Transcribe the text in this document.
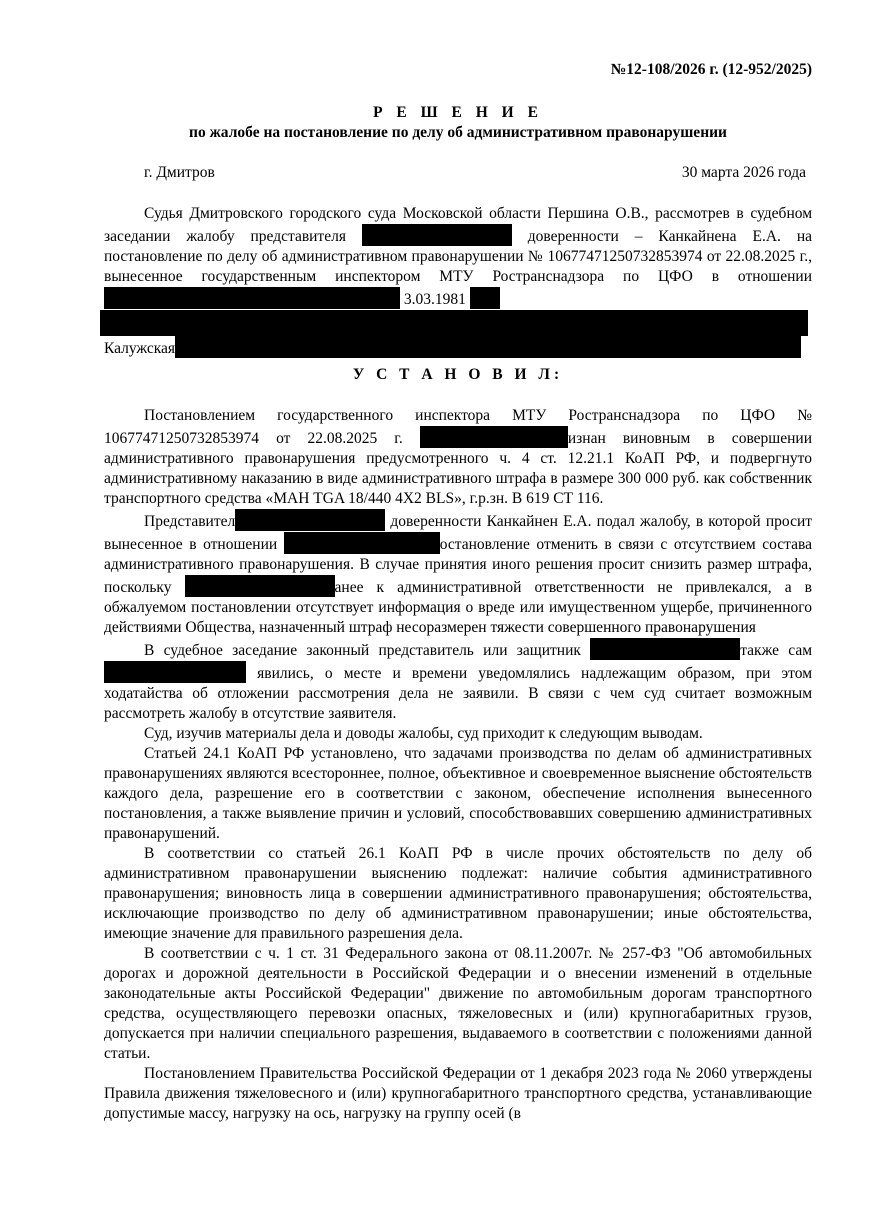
№12-108/2026 г. (12-952/2025)
Р Е Ш Е Н И Е
по жалобе на постановление по делу об административном правонарушении
г. Дмитров	30 марта 2026 года

Судья Дмитровского городского суда Московской области Першина О.В., рассмотрев в судебном заседании жалобу представителя	доверенности – Канкайнена Е.А. на постановление по делу об административном правонарушении № 10677471250732853974 от 22.08.2025 г., вынесенное государственным инспектором МТУ Ространснадзора по ЦФО в отношении  3.03.1981

Калужская
У С Т А Н О В И Л:

Постановлением государственного инспектора МТУ Ространснадзора по ЦФО № 10677471250732853974 от 22.08.2025 г.	изнан виновным в совершении административного правонарушения предусмотренного ч. 4 ст. 12.21.1 КоАП РФ, и подвергнуто административному наказанию в виде административного штрафа в размере 300 000 руб. как собственник транспортного средства «МАН TGA 18/440 4X2 BLS», г.р.зн. В 619 СТ 116.

Представител	доверенности Канкайнен Е.А. подал жалобу, в которой просит вынесенное в отношении	остановление отменить в связи с отсутствием состава административного правонарушения. В случае принятия иного решения просит снизить размер штрафа, поскольку	анее к административной ответственности не привлекался, а в обжалуемом постановлении отсутствует информация о вреде или имущественном ущербе, причиненного действиями Общества, назначенный штраф несоразмерен тяжести совершенного правонарушения

В судебное заседание законный представитель или защитник	также сам явились, о месте и времени уведомлялись надлежащим образом, при этом ходатайства об отложении рассмотрения дела не заявили. В связи с чем суд считает возможным рассмотреть жалобу в отсутствие заявителя.

Суд, изучив материалы дела и доводы жалобы, суд приходит к следующим выводам.

Статьей 24.1 КоАП РФ установлено, что задачами производства по делам об административных правонарушениях являются всестороннее, полное, объективное и своевременное выяснение обстоятельств каждого дела, разрешение его в соответствии с законом, обеспечение исполнения вынесенного постановления, а также выявление причин и условий, способствовавших совершению административных правонарушений.

В соответствии со статьей 26.1 КоАП РФ в числе прочих обстоятельств по делу об административном правонарушении выяснению подлежат: наличие события административного правонарушения; виновность лица в совершении административного правонарушения; обстоятельства, исключающие производство по делу об административном правонарушении; иные обстоятельства, имеющие значение для правильного разрешения дела.

В соответствии с ч. 1 ст. 31 Федерального закона от 08.11.2007г. № 257-ФЗ "Об автомобильных дорогах и дорожной деятельности в Российской Федерации и о внесении изменений в отдельные законодательные акты Российской Федерации" движение по автомобильным дорогам транспортного средства, осуществляющего перевозки опасных, тяжеловесных и (или) крупногабаритных грузов, допускается при наличии специального разрешения, выдаваемого в соответствии с положениями данной статьи.

Постановлением Правительства Российской Федерации от 1 декабря 2023 года № 2060 утверждены Правила движения тяжеловесного и (или) крупногабаритного транспортного средства, устанавливающие допустимые массу, нагрузку на ось, нагрузку на группу осей (в
